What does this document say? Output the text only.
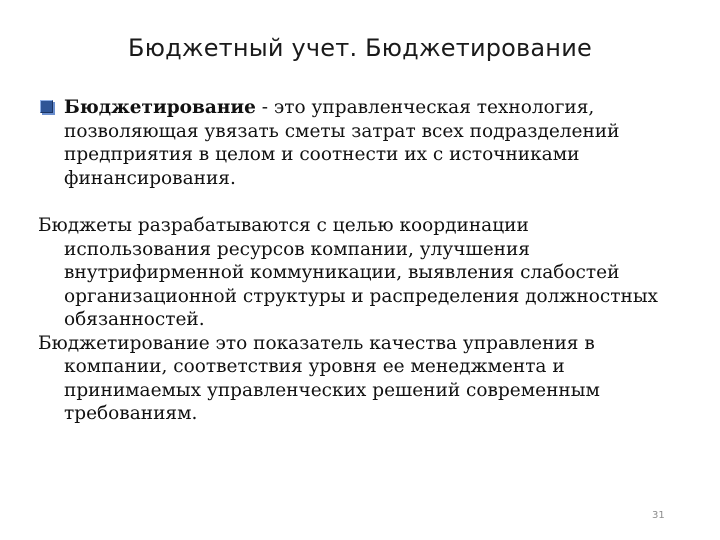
Бюджетный учет. Бюджетирование

Бюджетирование - это управленческая технология, позволяющая увязать сметы затрат всех подразделений предприятия в целом и соотнести их с источниками финансирования.

Бюджеты разрабатываются с целью координации использования ресурсов компании, улучшения внутрифирменной коммуникации, выявления слабостей организационной структуры и распределения должностных обязанностей.

Бюджетирование это показатель качества управления в компании, соответствия уровня ее менеджмента и принимаемых управленческих решений современным требованиям.

31
